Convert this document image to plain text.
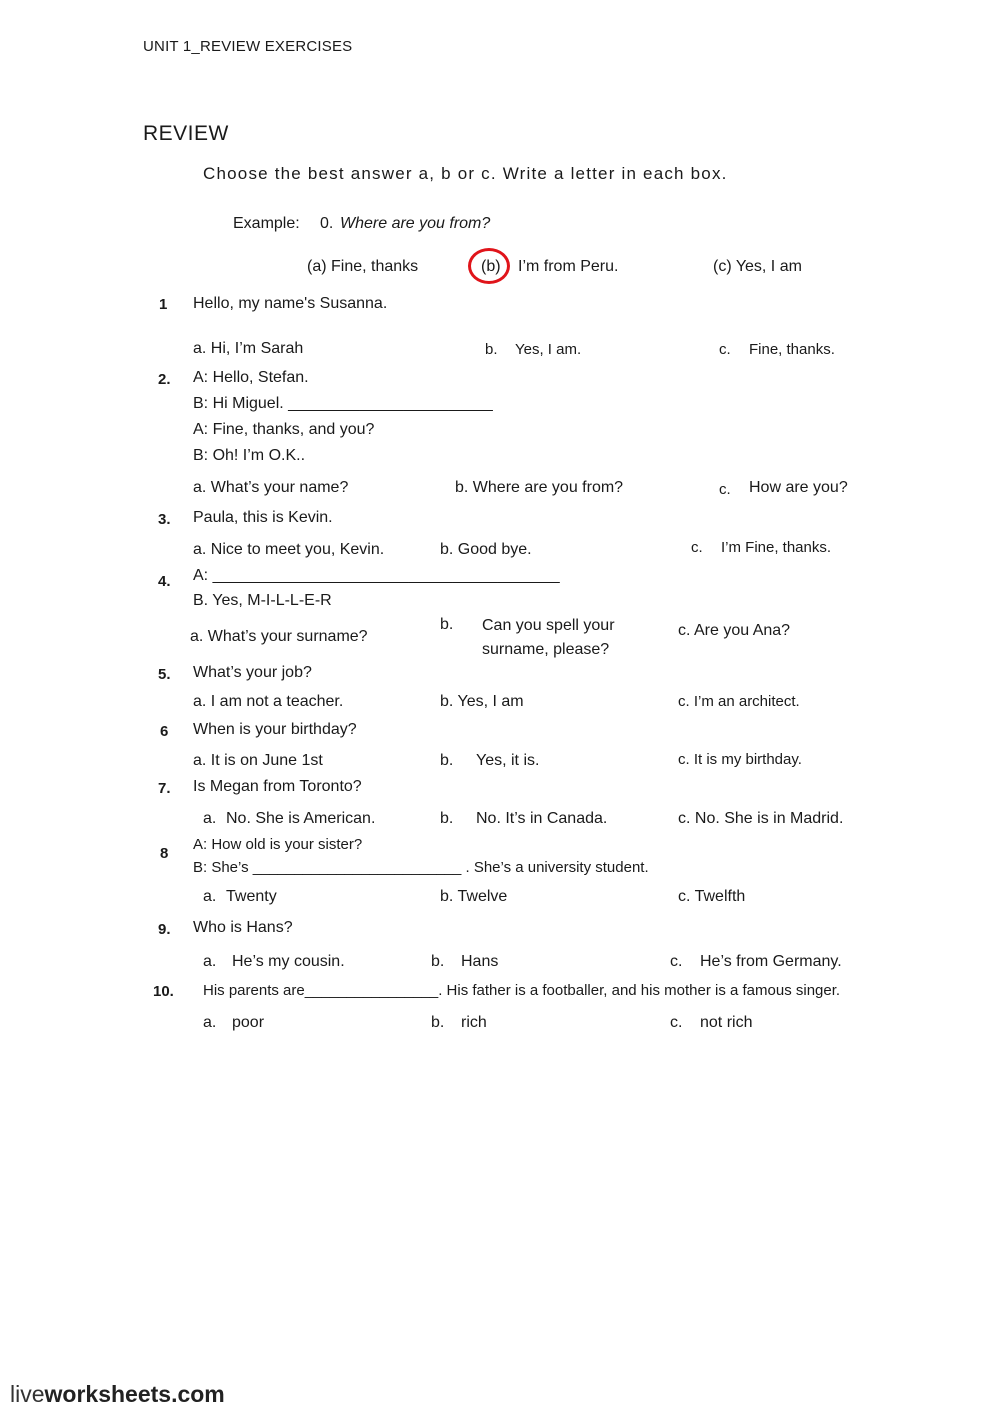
UNIT 1_REVIEW EXERCISES
REVIEW
Choose the best answer a, b or c. Write a letter in each box.
Example: 0. Where are you from?
(a) Fine, thanks	(b) I’m from Peru.	(c) Yes, I am
1 Hello, my name's Susanna.
a. Hi, I’m Sarah	b. Yes, I am.	c. Fine, thanks.
2. A: Hello, Stefan.
B: Hi Miguel. _______________________
A: Fine, thanks, and you?
B: Oh! I’m O.K..
a. What’s your name?	b. Where are you from?	c. How are you?
3. Paula, this is Kevin.
a. Nice to meet you, Kevin.	b. Good bye.	c. I’m Fine, thanks.
4. A: _______________________________________
B. Yes, M-I-L-L-E-R
a. What’s your surname?
b. Can you spell your surname, please?
c. Are you Ana?
5. What’s your job?
a. I am not a teacher.	b. Yes, I am	c. I’m an architect.
6 When is your birthday?
a. It is on June 1st	b. Yes, it is.	c. It is my birthday.
7. Is Megan from Toronto?
a. No. She is American.	b. No. It’s in Canada.	c. No. She is in Madrid.
8
A: How old is your sister?
B: She’s _________________________ . She’s a university student.
a. Twenty	b. Twelve	c. Twelfth
9. Who is Hans?
a. He’s my cousin.	b. Hans	c. He’s from Germany.
10. His parents are________________. His father is a footballer, and his mother is a famous singer.
a. poor	b. rich	c. not rich
liveworksheets.com
